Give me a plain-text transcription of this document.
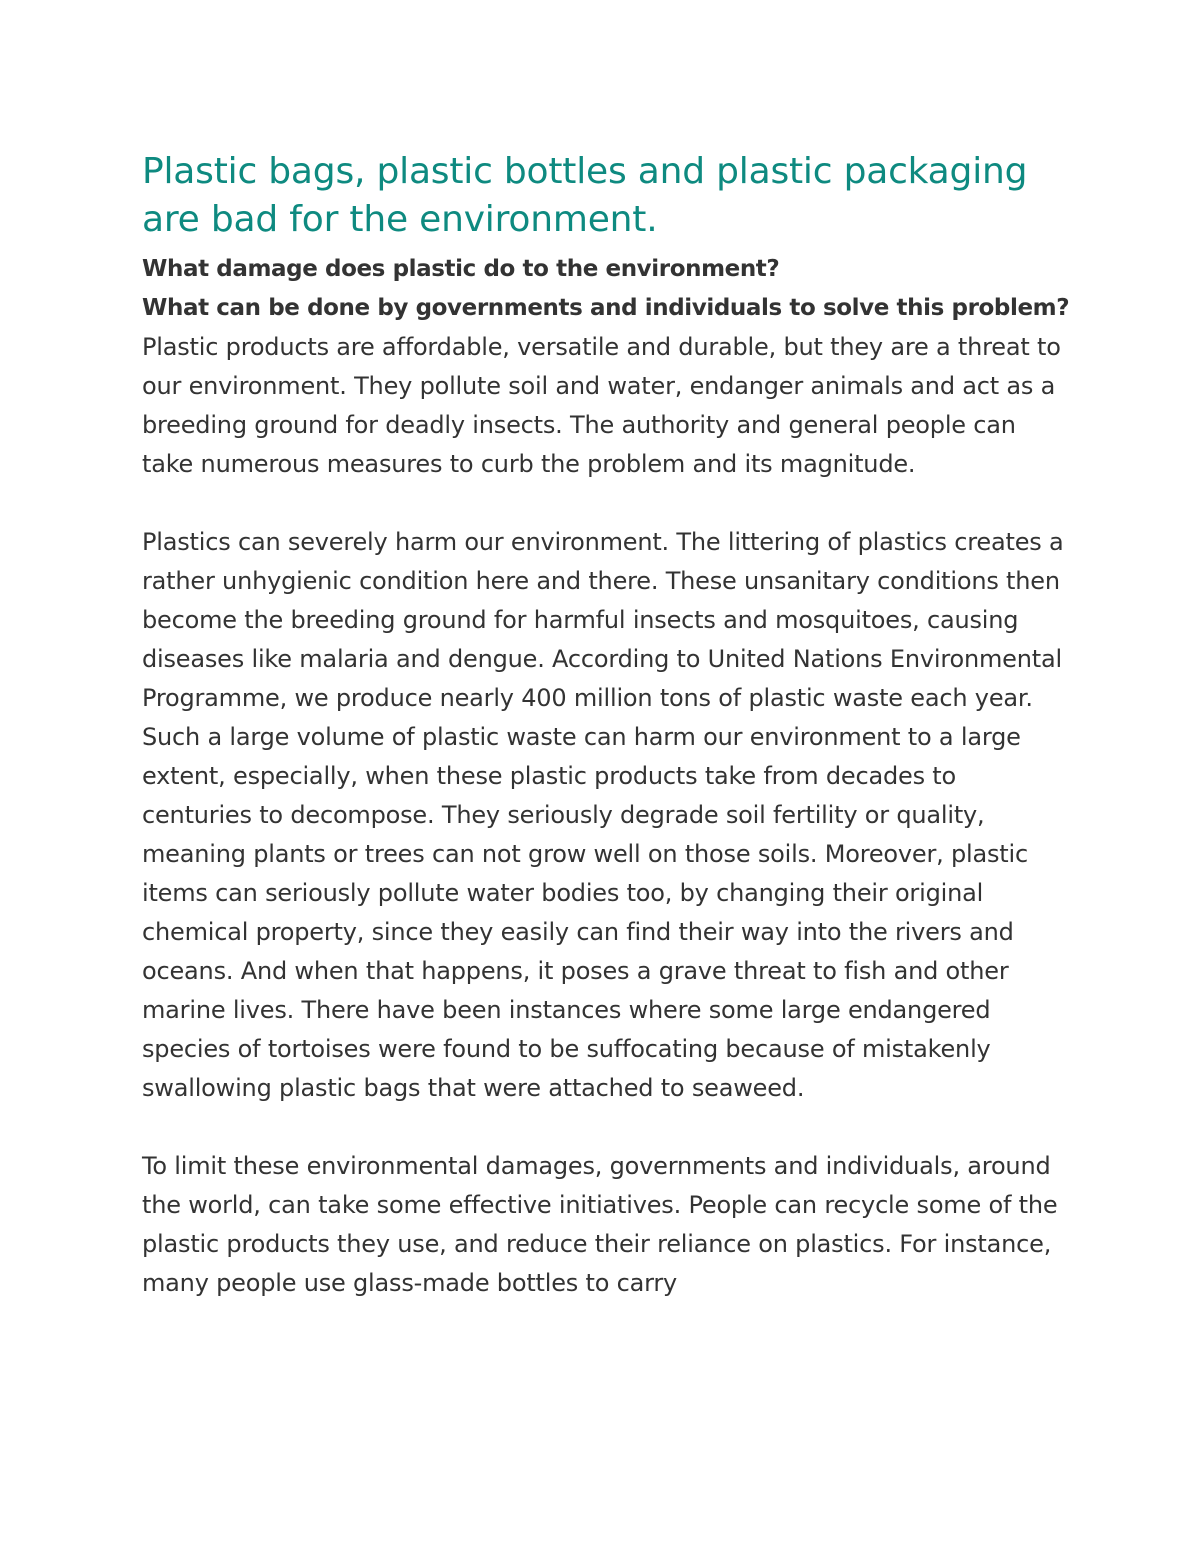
Plastic bags, plastic bottles and plastic packaging are bad for the environment.

What damage does plastic do to the environment?

What can be done by governments and individuals to solve this problem?

Plastic products are affordable, versatile and durable, but they are a threat to our environment. They pollute soil and water, endanger animals and act as a breeding ground for deadly insects. The authority and general people can take numerous measures to curb the problem and its magnitude.

Plastics can severely harm our environment. The littering of plastics creates a rather unhygienic condition here and there. These unsanitary conditions then become the breeding ground for harmful insects and mosquitoes, causing diseases like malaria and dengue. According to United Nations Environmental Programme, we produce nearly 400 million tons of plastic waste each year. Such a large volume of plastic waste can harm our environment to a large extent, especially, when these plastic products take from decades to centuries to decompose. They seriously degrade soil fertility or quality, meaning plants or trees can not grow well on those soils. Moreover, plastic items can seriously pollute water bodies too, by changing their original chemical property, since they easily can find their way into the rivers and oceans. And when that happens, it poses a grave threat to fish and other marine lives. There have been instances where some large endangered species of tortoises were found to be suffocating because of mistakenly swallowing plastic bags that were attached to seaweed.

To limit these environmental damages, governments and individuals, around the world, can take some effective initiatives. People can recycle some of the plastic products they use, and reduce their reliance on plastics. For instance, many people use glass-made bottles to carry
